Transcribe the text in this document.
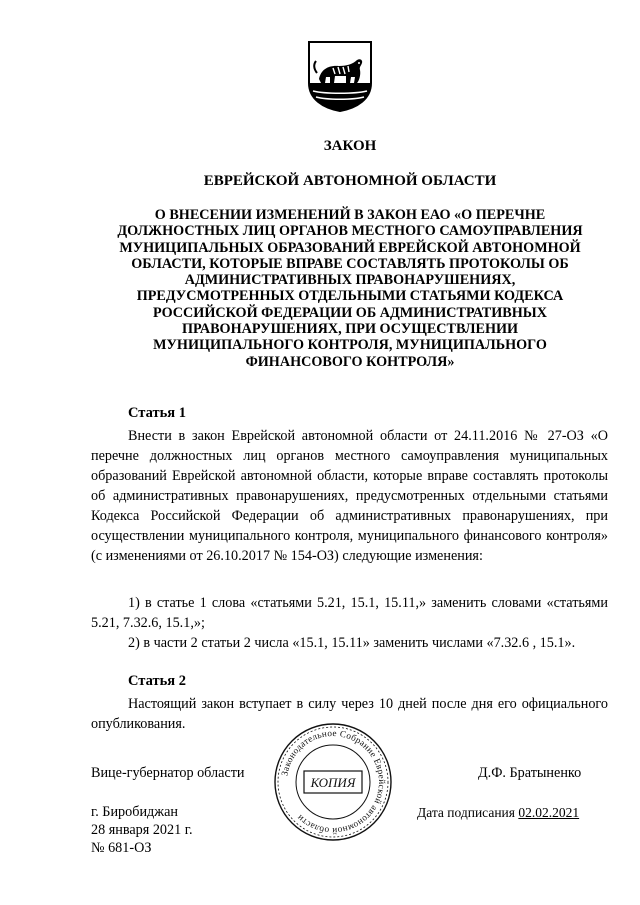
ЗАКОН
ЕВРЕЙСКОЙ АВТОНОМНОЙ ОБЛАСТИ
О ВНЕСЕНИИ ИЗМЕНЕНИЙ В ЗАКОН ЕАО «О ПЕРЕЧНЕ
ДОЛЖНОСТНЫХ ЛИЦ ОРГАНОВ МЕСТНОГО САМОУПРАВЛЕНИЯ
МУНИЦИПАЛЬНЫХ ОБРАЗОВАНИЙ ЕВРЕЙСКОЙ АВТОНОМНОЙ
ОБЛАСТИ, КОТОРЫЕ ВПРАВЕ СОСТАВЛЯТЬ ПРОТОКОЛЫ ОБ
АДМИНИСТРАТИВНЫХ ПРАВОНАРУШЕНИЯХ,
ПРЕДУСМОТРЕННЫХ ОТДЕЛЬНЫМИ СТАТЬЯМИ КОДЕКСА
РОССИЙСКОЙ ФЕДЕРАЦИИ ОБ АДМИНИСТРАТИВНЫХ
ПРАВОНАРУШЕНИЯХ, ПРИ ОСУЩЕСТВЛЕНИИ
МУНИЦИПАЛЬНОГО КОНТРОЛЯ, МУНИЦИПАЛЬНОГО
ФИНАНСОВОГО КОНТРОЛЯ»
Статья 1
Внести в закон Еврейской автономной области от 24.11.2016 № 27-ОЗ «О перечне должностных лиц органов местного самоуправления муниципальных образований Еврейской автономной области, которые вправе составлять протоколы об административных правонарушениях, предусмотренных отдельными статьями Кодекса Российской Федерации об административных правонарушениях, при осуществлении муниципального контроля, муниципального финансового контроля» (с изменениями от 26.10.2017 № 154-ОЗ) следующие изменения:
1) в статье 1 слова «статьями 5.21, 15.1, 15.11,» заменить словами «статьями 5.21, 7.32.6, 15.1,»;
2) в части 2 статьи 2 числа «15.1, 15.11» заменить числами «7.32.6 , 15.1».
Статья 2
Настоящий закон вступает в силу через 10 дней после дня его официального опубликования.
Вице-губернатор области	Д.Ф. Братыненко
г. Биробиджан
28 января 2021 г.
№ 681-ОЗ
Дата подписания 02.02.2021
Законодательное Собрание Еврейской автономной области
КОПИЯ
